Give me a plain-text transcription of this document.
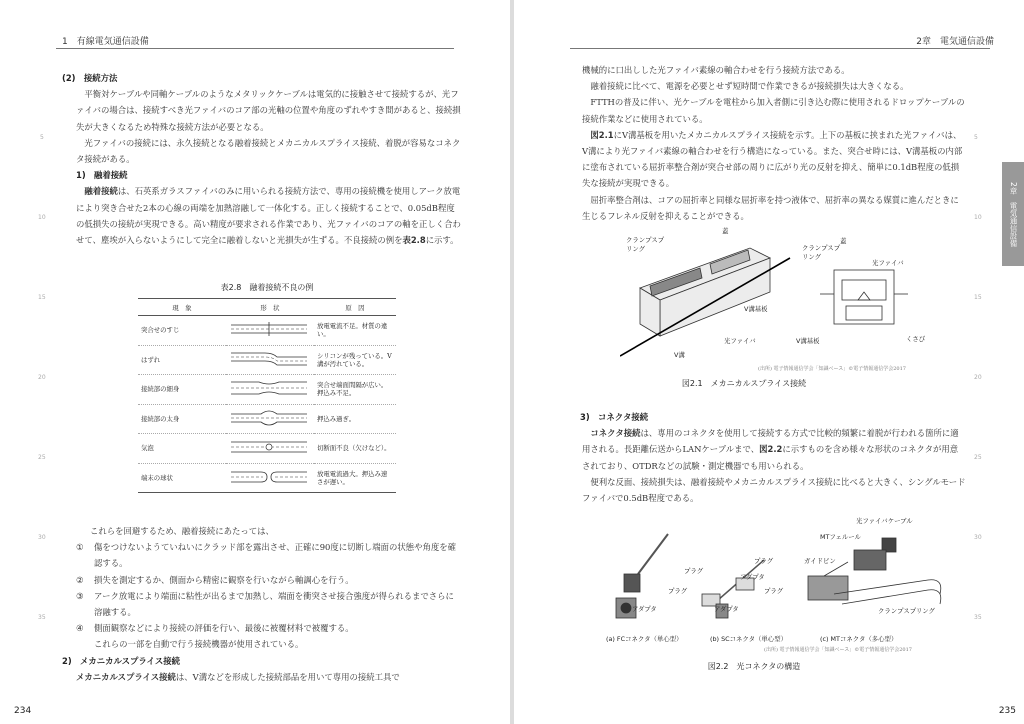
1　有線電気通信設備
5
10
15
20
25
30
35

(2)　接続方法

平衡対ケーブルや同軸ケーブルのようなメタリックケーブルは電気的に接触させて接続するが、光ファイバの場合は、接続すべき光ファイバのコア部の光軸の位置や角度のずれやすき間があると、接続損失が大きくなるため特殊な接続方法が必要となる。

光ファイバの接続には、永久接続となる融着接続とメカニカルスプライス接続、着脱が容易なコネクタ接続がある。

1)　融着接続

融着接続は、石英系ガラスファイバのみに用いられる接続方法で、専用の接続機を使用しアーク放電により突き合せた2本の心線の両端を加熱溶融して一体化する。正しく接続することで、0.05dB程度の低損失の接続が実現できる。高い精度が要求される作業であり、光ファイバのコアの軸を正しく合わせて、塵埃が入らないようにして完全に融着しないと光損失が生ずる。不良接続の例を表2.8に示す。

表2.8　融着接続不良の例
現　象	形　状	原　因
突合せのすじ		放電電流不足。材質の違い。
はずれ		シリコンが残っている。V溝が汚れている。
接続部の細身		突合せ端面間隔が広い。押込み不足。
接続部の太身		押込み過ぎ。
気泡		切断面不良（欠けなど）。
端末の球状		放電電流過大。押込み速さが遅い。

これらを回避するため、融着接続にあたっては、

①	傷をつけないようていねいにクラッド部を露出させ、正確に90度に切断し端面の状態や角度を確認する。
②	損失を測定するか、側面から精密に観察を行いながら軸調心を行う。
③	アーク放電により端面に粘性が出るまで加熱し、端面を衝突させ接合強度が得られるまでさらに溶融する。
④	側面観察などにより接続の評価を行い、最後に被覆材料で被覆する。

これらの一部を自動で行う接続機器が使用されている。

2)　メカニカルスプライス接続

メカニカルスプライス接続は、V溝などを形成した接続部品を用いて専用の接続工具で

234
2章　電気通信設備
2章　電気通信設備
5
10
15
20
25
30
35

機械的に口出しした光ファイバ素線の軸合わせを行う接続方法である。

融着接続に比べて、電源を必要とせず短時間で作業できるが接続損失は大きくなる。

FTTHの普及に伴い、光ケーブルを電柱から加入者側に引き込む際に使用されるドロップケーブルの接続作業などに使用されている。

図2.1にV溝基板を用いたメカニカルスプライス接続を示す。上下の基板に挟まれた光ファイバは、V溝により光ファイバ素線の軸合わせを行う構造になっている。また、突合せ時には、V溝基板の内部に塗布されている屈折率整合剤が突合せ部の周りに広がり光の反射を抑え、簡単に0.1dB程度の低損失な接続が実現できる。

屈折率整合剤は、コアの屈折率と同様な屈折率を持つ液体で、屈折率の異なる媒質に進んだときに生じるフレネル反射を抑えることができる。

クランプスプリング
蓋
V溝基板
光ファイバ
V溝
クランプスプリング
蓋
光ファイバ
V溝基板	くさび
(出所) 電子情報通信学会「知識ベース」©電子情報通信学会2017
図2.1　メカニカルスプライス接続

3)　コネクタ接続

コネクタ接続は、専用のコネクタを使用して接続する方式で比較的頻繁に着脱が行われる箇所に適用される。長距離伝送からLANケーブルまで、図2.2に示すものを含め様々な形状のコネクタが用意されており、OTDRなどの試験・測定機器でも用いられる。

便利な反面、接続損失は、融着接続やメカニカルスプライス接続に比べると大きく、シングルモードファイバで0.5dB程度である。

光ファイバケーブル
MTフェルール
ガイドピン
プラグ
プラグ
プラグ	プラグ
アダプタ
アダプタ
アダプタ	クランプスプリング
(a) FCコネクタ（単心型）	(b) SCコネクタ（単心型）	(c) MTコネクタ（多心型）
(出所) 電子情報通信学会「知識ベース」©電子情報通信学会2017
図2.2　光コネクタの構造
235
